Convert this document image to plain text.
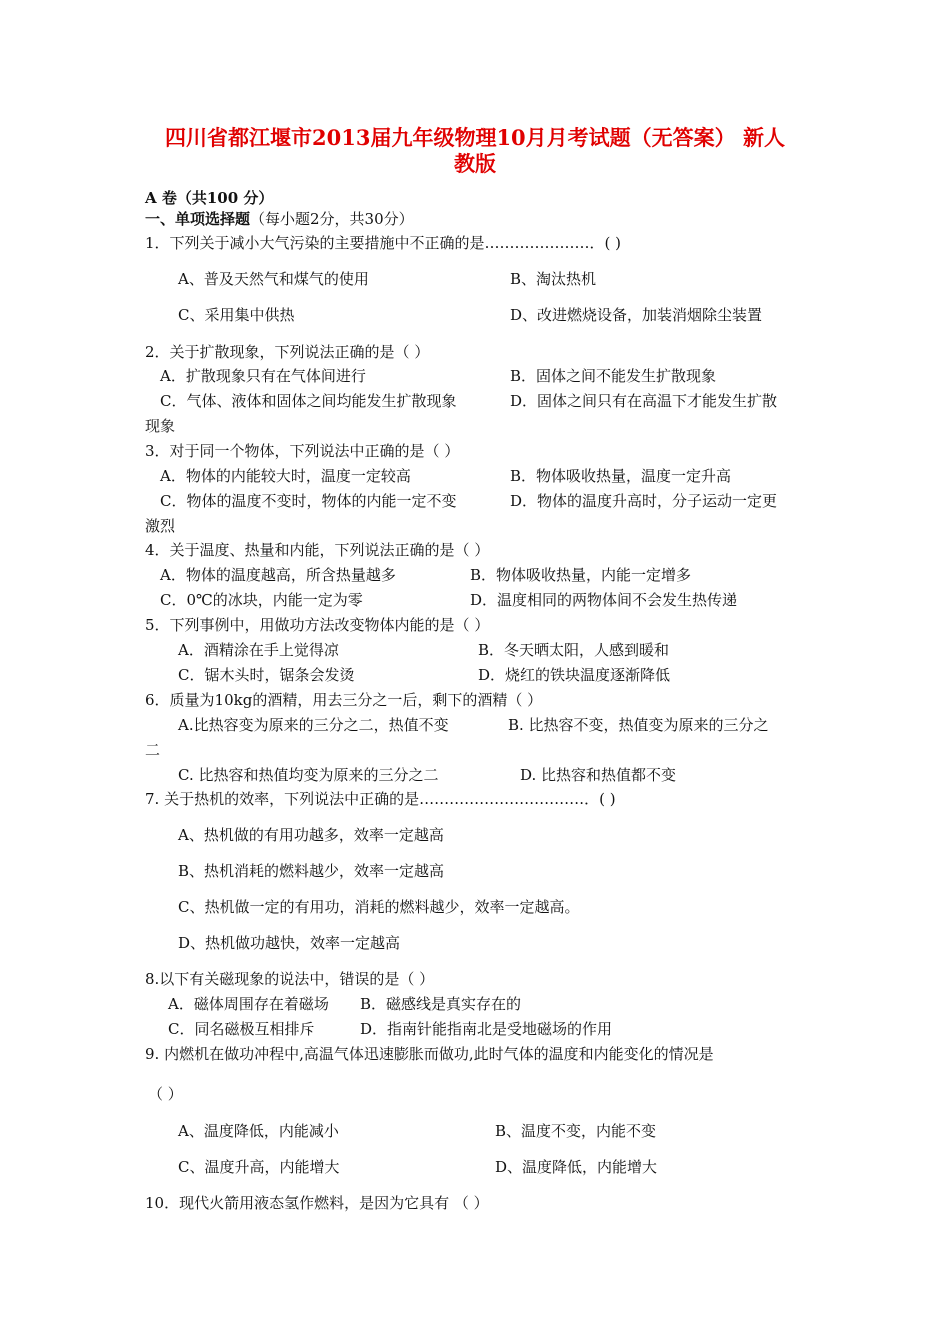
四川省都江堰市2013届九年级物理10月月考试题（无答案） 新人
教版
A 卷（共100 分）
一、单项选择题（每小题2分，共30分）
1．下列关于减小大气污染的主要措施中不正确的是…………………．( )
A、普及天然气和煤气的使用	B、淘汰热机
C、采用集中供热	D、改进燃烧设备，加装消烟除尘装置
2．关于扩散现象，下列说法正确的是（ ）
A．扩散现象只有在气体间进行	B．固体之间不能发生扩散现象
C．气体、液体和固体之间均能发生扩散现象	D．固体之间只有在高温下才能发生扩散
现象
3．对于同一个物体，下列说法中正确的是（ ）
A．物体的内能较大时，温度一定较高	B．物体吸收热量，温度一定升高
C．物体的温度不变时，物体的内能一定不变	D．物体的温度升高时，分子运动一定更
激烈
4．关于温度、热量和内能，下列说法正确的是（ ）
A．物体的温度越高，所含热量越多	B．物体吸收热量，内能一定增多
C．0℃的冰块，内能一定为零	D．温度相同的两物体间不会发生热传递
5．下列事例中，用做功方法改变物体内能的是（ ）
A．酒精涂在手上觉得凉	B．冬天晒太阳，人感到暖和
C．锯木头时，锯条会发烫	D．烧红的铁块温度逐渐降低
6．质量为10kg的酒精，用去三分之一后，剩下的酒精（ ）
A.比热容变为原来的三分之二，热值不变	B. 比热容不变，热值变为原来的三分之
二
C. 比热容和热值均变为原来的三分之二	D. 比热容和热值都不变
7. 关于热机的效率，下列说法中正确的是……………………………．( )
A、热机做的有用功越多，效率一定越高
B、热机消耗的燃料越少，效率一定越高
C、热机做一定的有用功，消耗的燃料越少，效率一定越高。
D、热机做功越快，效率一定越高
8.以下有关磁现象的说法中，错误的是（ ）
A．磁体周围存在着磁场 B．磁感线是真实存在的
C．同名磁极互相排斥	D．指南针能指南北是受地磁场的作用
9. 内燃机在做功冲程中,高温气体迅速膨胀而做功,此时气体的温度和内能变化的情况是
（ ）
A、温度降低，内能减小	B、温度不变，内能不变
C、温度升高，内能增大	D、温度降低，内能增大
10．现代火箭用液态氢作燃料，是因为它具有 （ ）
